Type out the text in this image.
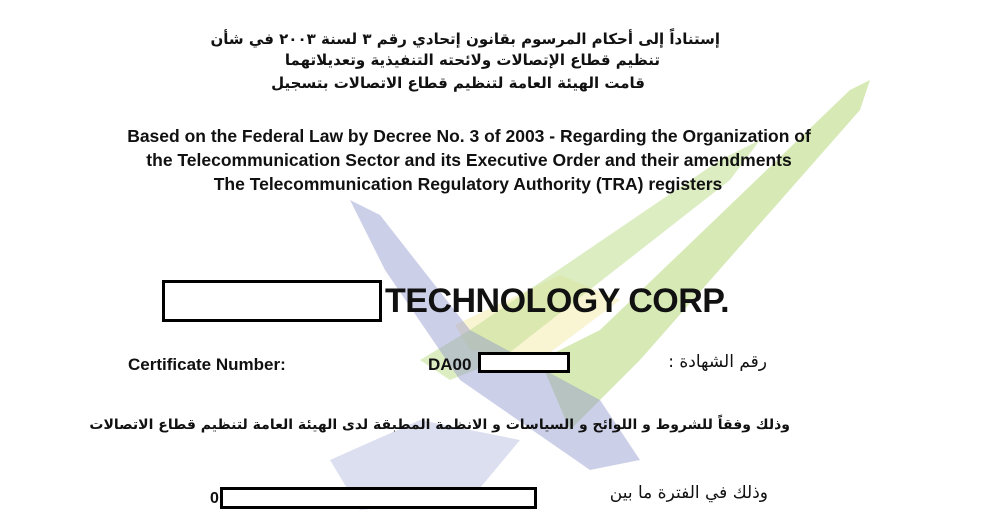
إستناداً إلى أحكام المرسوم بقانون إتحادي رقم ٣ لسنة ٢٠٠٣ في شأن
تنظيم قطاع الإتصالات ولائحته التنفيذية وتعديلاتهما
قامت الهيئة العامة لتنظيم قطاع الاتصالات بتسجيل
Based on the Federal Law by Decree No. 3 of 2003 - Regarding the Organization of
the Telecommunication Sector and its Executive Order and their amendments
The Telecommunication Regulatory Authority (TRA) registers
TECHNOLOGY CORP.
Certificate Number:	DA00	رقم الشهادة :
وذلك وفقاً للشروط و اللوائح و السياسات و الانظمة المطبقة لدى الهيئة العامة لتنظيم قطاع الاتصالات
وذلك في الفترة ما بين
0
